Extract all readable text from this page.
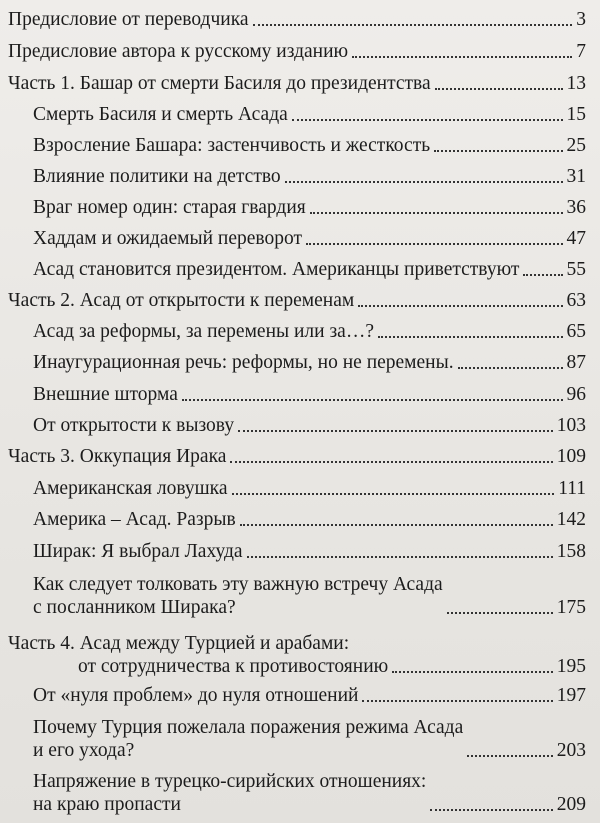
Предисловие от переводчика	3
Предисловие автора к русскому изданию	7
Часть 1. Башар от смерти Басиля до президентства	13
Смерть Басиля и смерть Асада	15
Взросление Башара: застенчивость и жесткость	25
Влияние политики на детство	31
Враг номер один: старая гвардия	36
Хаддам и ожидаемый переворот	47
Асад становится президентом. Американцы приветствуют 55
Часть 2. Асад от открытости к переменам	63
Асад за реформы, за перемены или за…?	65
Инаугурационная речь: реформы, но не перемены.	87
Внешние шторма	96
От открытости к вызову	103
Часть 3. Оккупация Ирака	109
Американская ловушка	111
Америка – Асад. Разрыв	142
Ширак: Я выбрал Лахуда	158
Как следует толковать эту важную встречу Асада
с посланником Ширака?	175
Часть 4. Асад между Турцией и арабами:
от сотрудничества к противостоянию	195
От «нуля проблем» до нуля отношений	197
Почему Турция пожелала поражения режима Асада
и его ухода?	203
Напряжение в турецко-сирийских отношениях:
на краю пропасти	209
